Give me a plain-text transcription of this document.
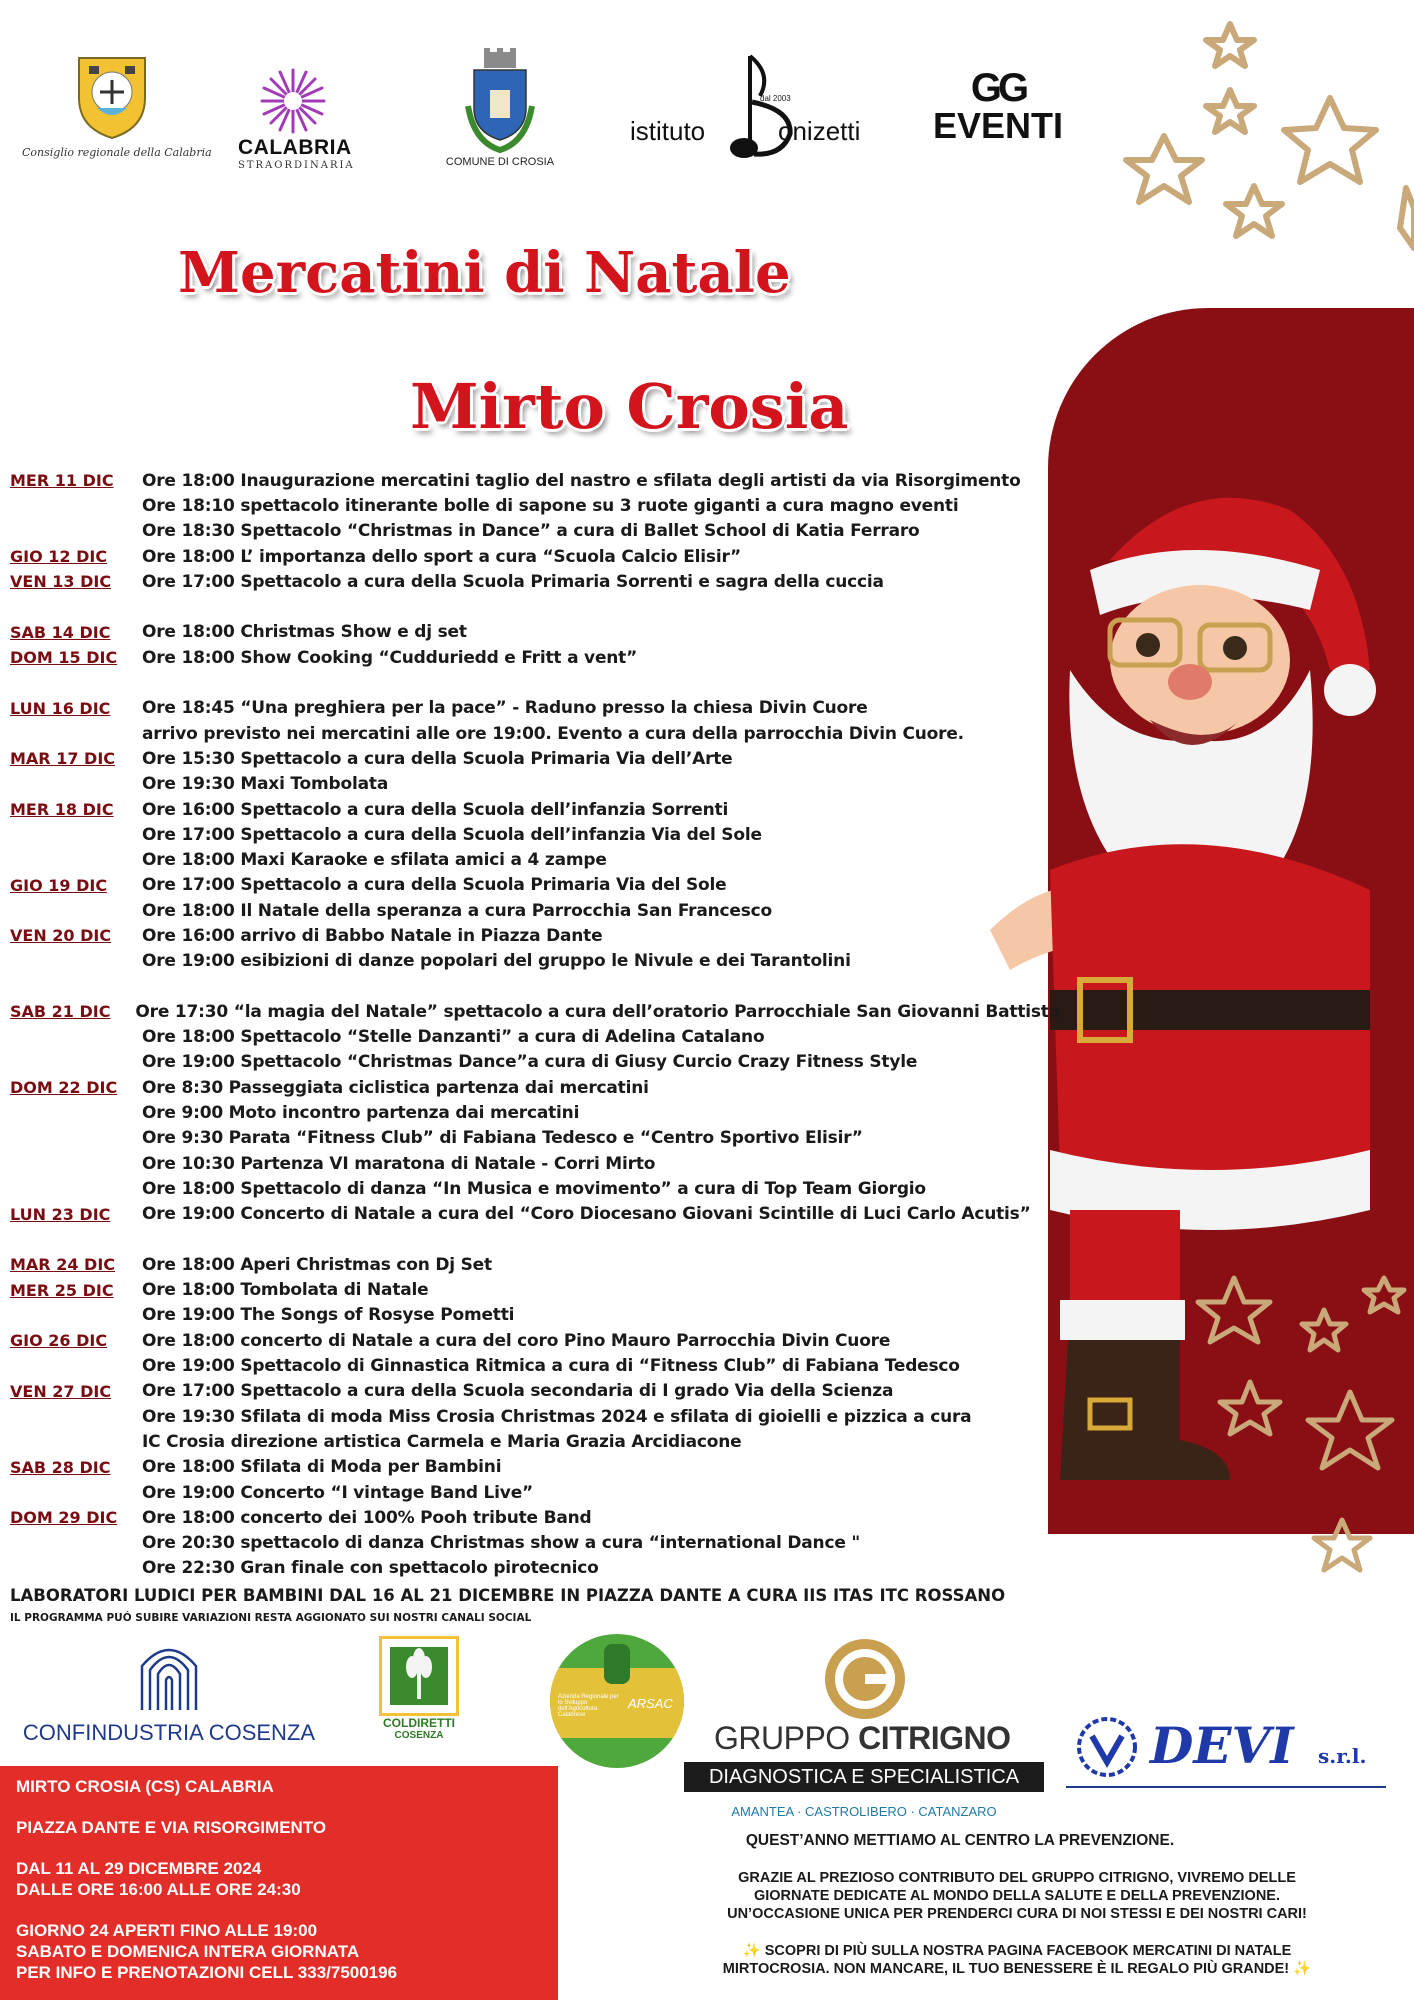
Consiglio regionale della Calabria CALABRIA
STRAORDINARIA	COMUNE DI CROSIA
istituto
dal 2003
onizetti
GG
EVENTI
Mercatini di Natale
Mirto Crosia
MER 11 DIC	Ore 18:00 Inaugurazione mercatini taglio del nastro e sfilata degli artisti da via Risorgimento
Ore 18:10 spettacolo itinerante bolle di sapone su 3 ruote giganti a cura magno eventi
Ore 18:30 Spettacolo “Christmas in Dance” a cura di Ballet School di Katia Ferraro
GIO 12 DIC	Ore 18:00 L’ importanza dello sport a cura “Scuola Calcio Elisir”
VEN 13 DIC	Ore 17:00 Spettacolo a cura della Scuola Primaria Sorrenti e sagra della cuccia
SAB 14 DIC	Ore 18:00 Christmas Show e dj set
DOM 15 DIC	Ore 18:00 Show Cooking “Cudduriedd e Fritt a vent”
LUN 16 DIC	Ore 18:45 “Una preghiera per la pace” - Raduno presso la chiesa Divin Cuore
arrivo previsto nei mercatini alle ore 19:00. Evento a cura della parrocchia Divin Cuore.
MAR 17 DIC	Ore 15:30 Spettacolo a cura della Scuola Primaria Via dell’Arte
Ore 19:30 Maxi Tombolata
MER 18 DIC	Ore 16:00 Spettacolo a cura della Scuola dell’infanzia Sorrenti
Ore 17:00 Spettacolo a cura della Scuola dell’infanzia Via del Sole
Ore 18:00 Maxi Karaoke e sfilata amici a 4 zampe
GIO 19 DIC	Ore 17:00 Spettacolo a cura della Scuola Primaria Via del Sole
Ore 18:00 Il Natale della speranza a cura Parrocchia San Francesco
VEN 20 DIC	Ore 16:00 arrivo di Babbo Natale in Piazza Dante
Ore 19:00 esibizioni di danze popolari del gruppo le Nivule e dei Tarantolini
SAB 21 DIC	Ore 17:30 “la magia del Natale” spettacolo a cura dell’oratorio Parrocchiale San Giovanni Battista
Ore 18:00 Spettacolo “Stelle Danzanti” a cura di Adelina Catalano
Ore 19:00 Spettacolo “Christmas Dance”a cura di Giusy Curcio Crazy Fitness Style
DOM 22 DIC	Ore 8:30 Passeggiata ciclistica partenza dai mercatini
Ore 9:00 Moto incontro partenza dai mercatini
Ore 9:30 Parata “Fitness Club” di Fabiana Tedesco e “Centro Sportivo Elisir”
Ore 10:30 Partenza VI maratona di Natale - Corri Mirto
Ore 18:00 Spettacolo di danza “In Musica e movimento” a cura di Top Team Giorgio
LUN 23 DIC	Ore 19:00 Concerto di Natale a cura del “Coro Diocesano Giovani Scintille di Luci Carlo Acutis”
MAR 24 DIC	Ore 18:00 Aperi Christmas con Dj Set
MER 25 DIC	Ore 18:00 Tombolata di Natale
Ore 19:00 The Songs of Rosyse Pometti
GIO 26 DIC	Ore 18:00 concerto di Natale a cura del coro Pino Mauro Parrocchia Divin Cuore
Ore 19:00 Spettacolo di Ginnastica Ritmica a cura di “Fitness Club” di Fabiana Tedesco
VEN 27 DIC	Ore 17:00 Spettacolo a cura della Scuola secondaria di I grado Via della Scienza
Ore 19:30 Sfilata di moda Miss Crosia Christmas 2024 e sfilata di gioielli e pizzica a cura
IC Crosia direzione artistica Carmela e Maria Grazia Arcidiacone
SAB 28 DIC	Ore 18:00 Sfilata di Moda per Bambini
Ore 19:00 Concerto “I vintage Band Live”
DOM 29 DIC	Ore 18:00 concerto dei 100% Pooh tribute Band
Ore 20:30 spettacolo di danza Christmas show a cura “international Dance "
Ore 22:30 Gran finale con spettacolo pirotecnico
LABORATORI LUDICI PER BAMBINI DAL 16 AL 21 DICEMBRE IN PIAZZA DANTE A CURA IIS ITAS ITC ROSSANO
IL PROGRAMMA PUÓ SUBIRE VARIAZIONI RESTA AGGIONATO SUI NOSTRI CANALI SOCIAL
CONFINDUSTRIA COSENZA	COLDIRETTI
COSENZA
Azienda Regionale per lo Sviluppo dell'Agricoltura Calabrese
ARSAC
GRUPPO CITRIGNO
DIAGNOSTICA E SPECIALISTICA
AMANTEA · CASTROLIBERO · CATANZARO
DEVI s.r.l.
MIRTO CROSIA (CS) CALABRIA
PIAZZA DANTE E VIA RISORGIMENTO
DAL 11 AL 29 DICEMBRE 2024
DALLE ORE 16:00 ALLE ORE 24:30
GIORNO 24 APERTI FINO ALLE 19:00
SABATO E DOMENICA INTERA GIORNATA
PER INFO E PRENOTAZIONI CELL 333/7500196
QUEST’ANNO METTIAMO AL CENTRO LA PREVENZIONE.
GRAZIE AL PREZIOSO CONTRIBUTO DEL GRUPPO CITRIGNO, VIVREMO DELLE
GIORNATE DEDICATE AL MONDO DELLA SALUTE E DELLA PREVENZIONE.
UN’OCCASIONE UNICA PER PRENDERCI CURA DI NOI STESSI E DEI NOSTRI CARI!
✨ SCOPRI DI PIÙ SULLA NOSTRA PAGINA FACEBOOK MERCATINI DI NATALE
MIRTOCROSIA. NON MANCARE, IL TUO BENESSERE È IL REGALO PIÙ GRANDE! ✨
